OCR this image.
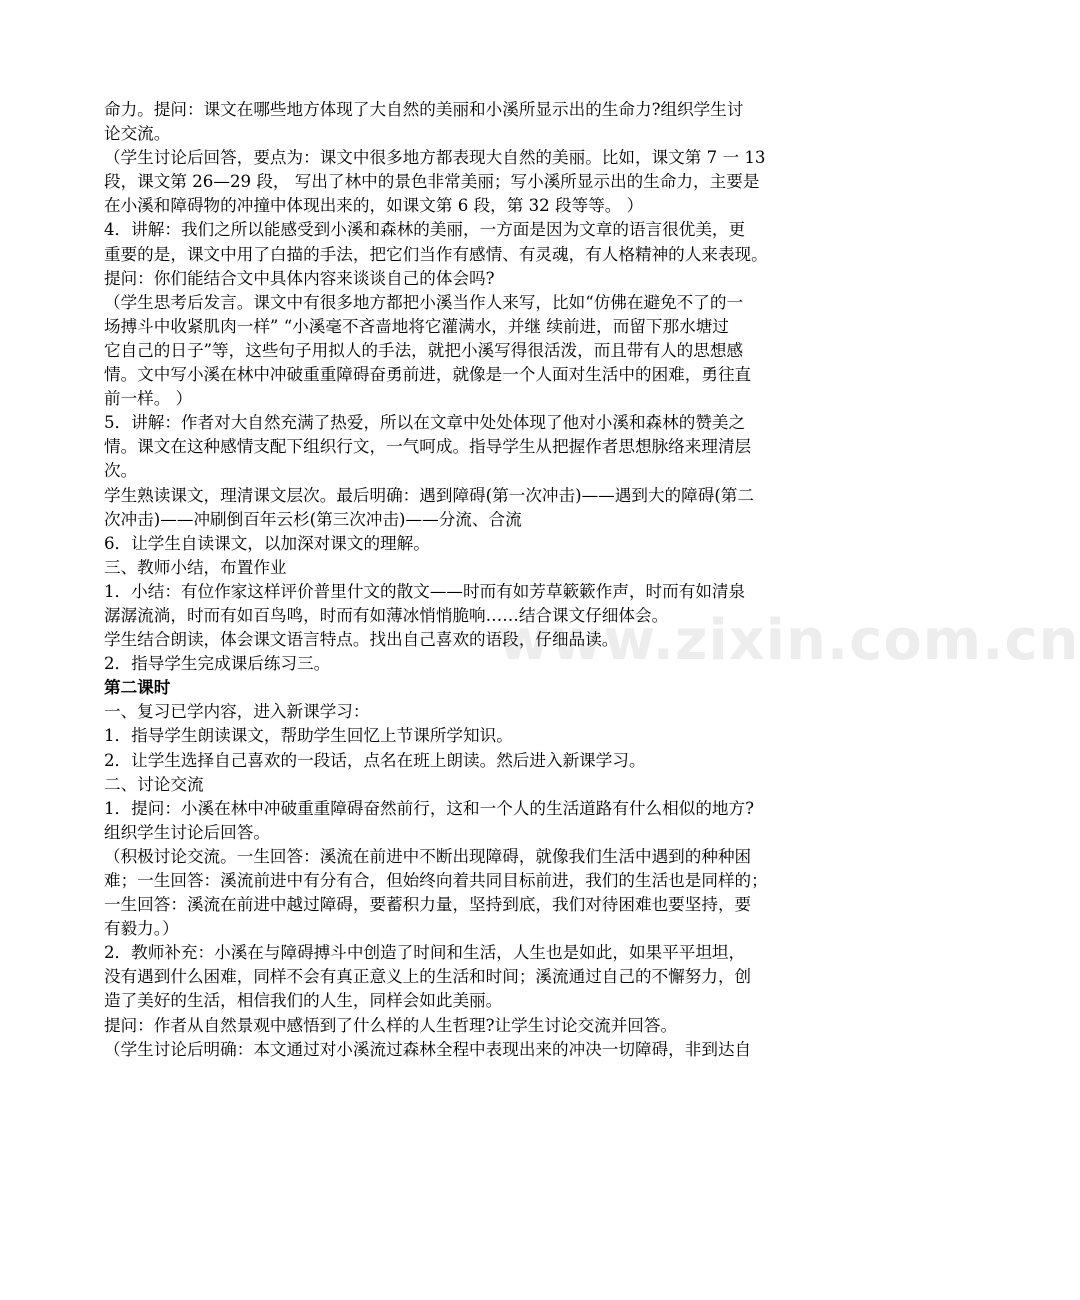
www.zixin.com.cn
命力。提问：课文在哪些地方体现了大自然的美丽和小溪所显示出的生命力?组织学生讨
论交流。
（学生讨论后回答，要点为：课文中很多地方都表现大自然的美丽。比如，课文第 7 一 13
段，课文第 26—29 段， 写出了林中的景色非常美丽；写小溪所显示出的生命力，主要是
在小溪和障碍物的冲撞中体现出来的，如课文第 6 段，第 32 段等等。 ）
4．讲解：我们之所以能感受到小溪和森林的美丽，一方面是因为文章的语言很优美，更
重要的是，课文中用了白描的手法，把它们当作有感情、有灵魂，有人格精神的人来表现。
提问：你们能结合文中具体内容来谈谈自己的体会吗?
（学生思考后发言。课文中有很多地方都把小溪当作人来写，比如“仿佛在避免不了的一
场搏斗中收紧肌肉一样” “小溪毫不吝啬地将它灌满水，并继 续前进，而留下那水塘过
它自己的日子”等，这些句子用拟人的手法，就把小溪写得很活泼，而且带有人的思想感
情。文中写小溪在林中冲破重重障碍奋勇前进，就像是一个人面对生活中的困难，勇往直
前一样。 ）
5．讲解：作者对大自然充满了热爱，所以在文章中处处体现了他对小溪和森林的赞美之
情。课文在这种感情支配下组织行文，一气呵成。指导学生从把握作者思想脉络来理清层
次。
学生熟读课文，理清课文层次。最后明确：遇到障碍(第一次冲击)——遇到大的障碍(第二
次冲击)——冲刷倒百年云杉(第三次冲击)——分流、合流
6．让学生自读课文，以加深对课文的理解。
三、教师小结，布置作业
1．小结：有位作家这样评价普里什文的散文——时而有如芳草簌簌作声，时而有如清泉
潺潺流淌，时而有如百鸟鸣，时而有如薄冰悄悄脆响……结合课文仔细体会。
学生结合朗读，体会课文语言特点。找出自己喜欢的语段，仔细品读。
2．指导学生完成课后练习三。
第二课时
一、复习已学内容，进入新课学习：
1．指导学生朗读课文，帮助学生回忆上节课所学知识。
2．让学生选择自己喜欢的一段话，点名在班上朗读。然后进入新课学习。
二、讨论交流
1．提问：小溪在林中冲破重重障碍奋然前行，这和一个人的生活道路有什么相似的地方?
组织学生讨论后回答。
（积极讨论交流。一生回答：溪流在前进中不断出现障碍，就像我们生活中遇到的种种困
难；一生回答：溪流前进中有分有合，但始终向着共同目标前进，我们的生活也是同样的；
一生回答：溪流在前进中越过障碍，要蓄积力量，坚持到底，我们对待困难也要坚持，要
有毅力。）
2．教师补充：小溪在与障碍搏斗中创造了时间和生活，人生也是如此，如果平平坦坦，
没有遇到什么困难，同样不会有真正意义上的生活和时间；溪流通过自己的不懈努力，创
造了美好的生活，相信我们的人生，同样会如此美丽。
提问：作者从自然景观中感悟到了什么样的人生哲理?让学生讨论交流并回答。
（学生讨论后明确：本文通过对小溪流过森林全程中表现出来的冲决一切障碍，非到达自
